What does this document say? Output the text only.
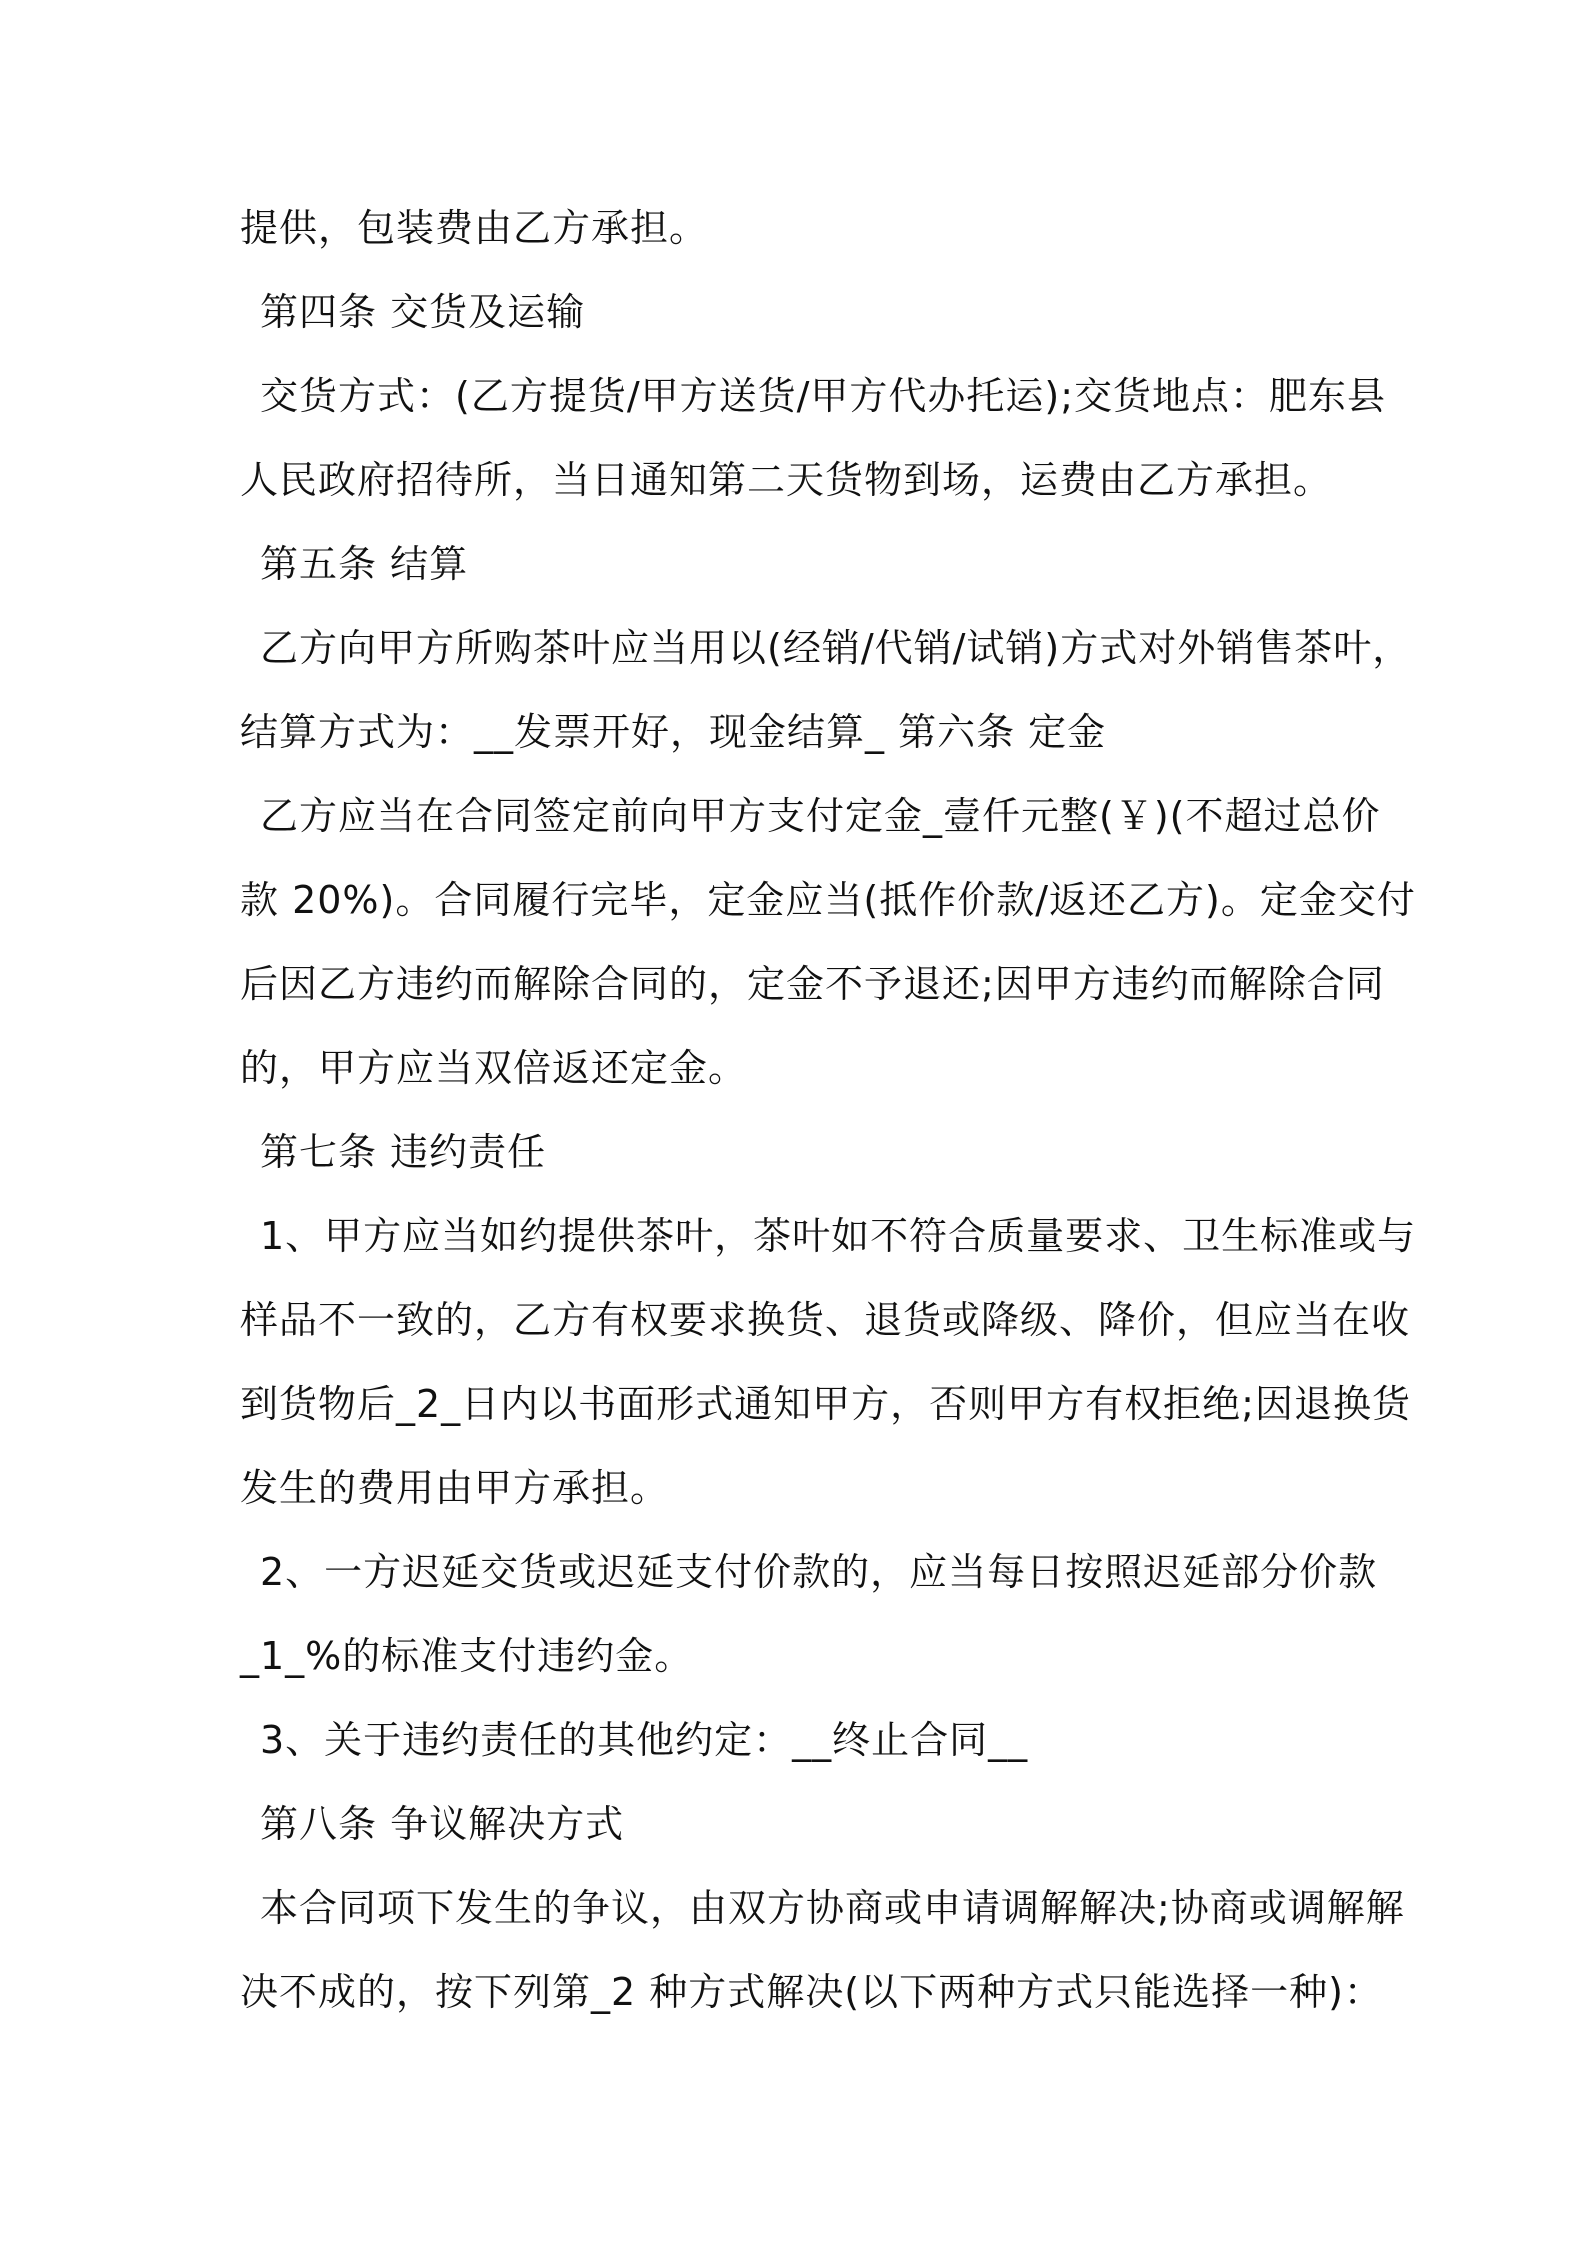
提供，包装费由乙方承担。
第四条 交货及运输
交货方式：(乙方提货/甲方送货/甲方代办托运);交货地点：肥东县
人民政府招待所，当日通知第二天货物到场，运费由乙方承担。
第五条 结算
乙方向甲方所购茶叶应当用以(经销/代销/试销)方式对外销售茶叶，
结算方式为：__发票开好，现金结算_ 第六条 定金
乙方应当在合同签定前向甲方支付定金_壹仟元整(￥)(不超过总价
款 20%)。合同履行完毕，定金应当(抵作价款/返还乙方)。定金交付
后因乙方违约而解除合同的，定金不予退还;因甲方违约而解除合同
的，甲方应当双倍返还定金。
第七条 违约责任
1、甲方应当如约提供茶叶，茶叶如不符合质量要求、卫生标准或与
样品不一致的，乙方有权要求换货、退货或降级、降价，但应当在收
到货物后_2_日内以书面形式通知甲方，否则甲方有权拒绝;因退换货
发生的费用由甲方承担。
2、一方迟延交货或迟延支付价款的，应当每日按照迟延部分价款
_1_%的标准支付违约金。
3、关于违约责任的其他约定：__终止合同__
第八条 争议解决方式
本合同项下发生的争议，由双方协商或申请调解解决;协商或调解解
决不成的，按下列第_2 种方式解决(以下两种方式只能选择一种)：
